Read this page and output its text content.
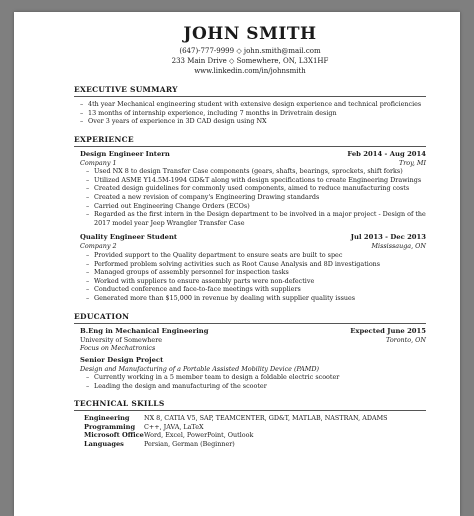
JOHN SMITH
(647)-777-9999 ◇ john.smith@mail.com
233 Main Drive ◇ Somewhere, ON, L3X1HF
www.linkedin.com/in/johnsmith
EXECUTIVE SUMMARY
– 4th year Mechanical engineering student with extensive design experience and technical proficiencies
– 13 months of internship experience, including 7 months in Drivetrain design
– Over 3 years of experience in 3D CAD design using NX
EXPERIENCE
Design Engineer Intern	Feb 2014 - Aug 2014
Company 1	Troy, MI
– Used NX 8 to design Transfer Case components (gears, shafts, bearings, sprockets, shift forks)
– Utilized ASME Y14.5M-1994 GD&T along with design specifications to create Engineering Drawings
– Created design guidelines for commonly used components, aimed to reduce manufacturing costs
– Created a new revision of company's Engineering Drawing standards
– Carried out Engineering Change Orders (ECOs)
– Regarded as the first intern in the Design department to be involved in a major project - Design of the 2017 model year Jeep Wrangler Transfer Case
Quality Engineer Student	Jul 2013 - Dec 2013
Company 2	Mississauga, ON
– Provided support to the Quality department to ensure seats are built to spec
– Performed problem solving activities such as Root Cause Analysis and 8D investigations
– Managed groups of assembly personnel for inspection tasks
– Worked with suppliers to ensure assembly parts were non-defective
– Conducted conference and face-to-face meetings with suppliers
– Generated more than $15,000 in revenue by dealing with supplier quality issues
EDUCATION
B.Eng in Mechanical Engineering	Expected June 2015
University of Somewhere	Toronto, ON
Focus on Mechatronics
Senior Design Project
Design and Manufacturing of a Portable Assisted Mobility Device (PAMD)
– Currently working in a 5 member team to design a foldable electric scooter
– Leading the design and manufacturing of the scooter
TECHNICAL SKILLS
Engineering	NX 8, CATIA V5, SAP, TEAMCENTER, GD&T, MATLAB, NASTRAN, ADAMS
Programming	C++, JAVA, LaTeX
Microsoft Office Word, Excel, PowerPoint, Outlook
Languages	Persian, German (Beginner)
